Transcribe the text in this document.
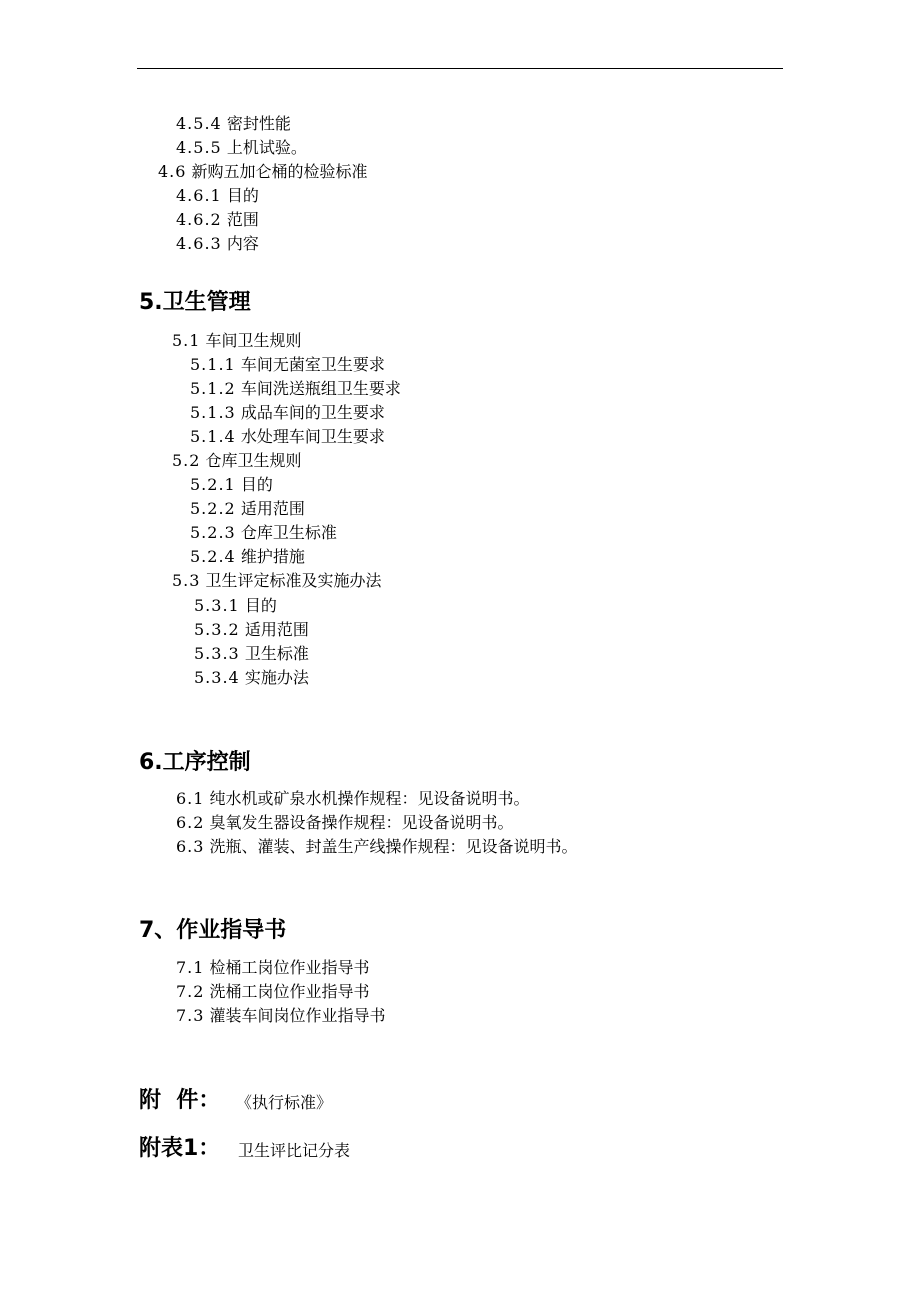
4.5.4 密封性能
4.5.5 上机试验。
4.6 新购五加仑桶的检验标准
4.6.1 目的
4.6.2 范围
4.6.3 内容
5.卫生管理
5.1 车间卫生规则
5.1.1 车间无菌室卫生要求
5.1.2 车间洗送瓶组卫生要求
5.1.3 成品车间的卫生要求
5.1.4 水处理车间卫生要求
5.2 仓库卫生规则
5.2.1 目的
5.2.2 适用范围
5.2.3 仓库卫生标准
5.2.4 维护措施
5.3 卫生评定标准及实施办法
5.3.1 目的
5.3.2 适用范围
5.3.3 卫生标准
5.3.4 实施办法
6.工序控制
6.1 纯水机或矿泉水机操作规程：见设备说明书。
6.2 臭氧发生器设备操作规程：见设备说明书。
6.3 洗瓶、灌装、封盖生产线操作规程：见设备说明书。
7、作业指导书
7.1 检桶工岗位作业指导书
7.2 洗桶工岗位作业指导书
7.3 灌装车间岗位作业指导书
附  件： 《执行标准》
附表1： 卫生评比记分表
